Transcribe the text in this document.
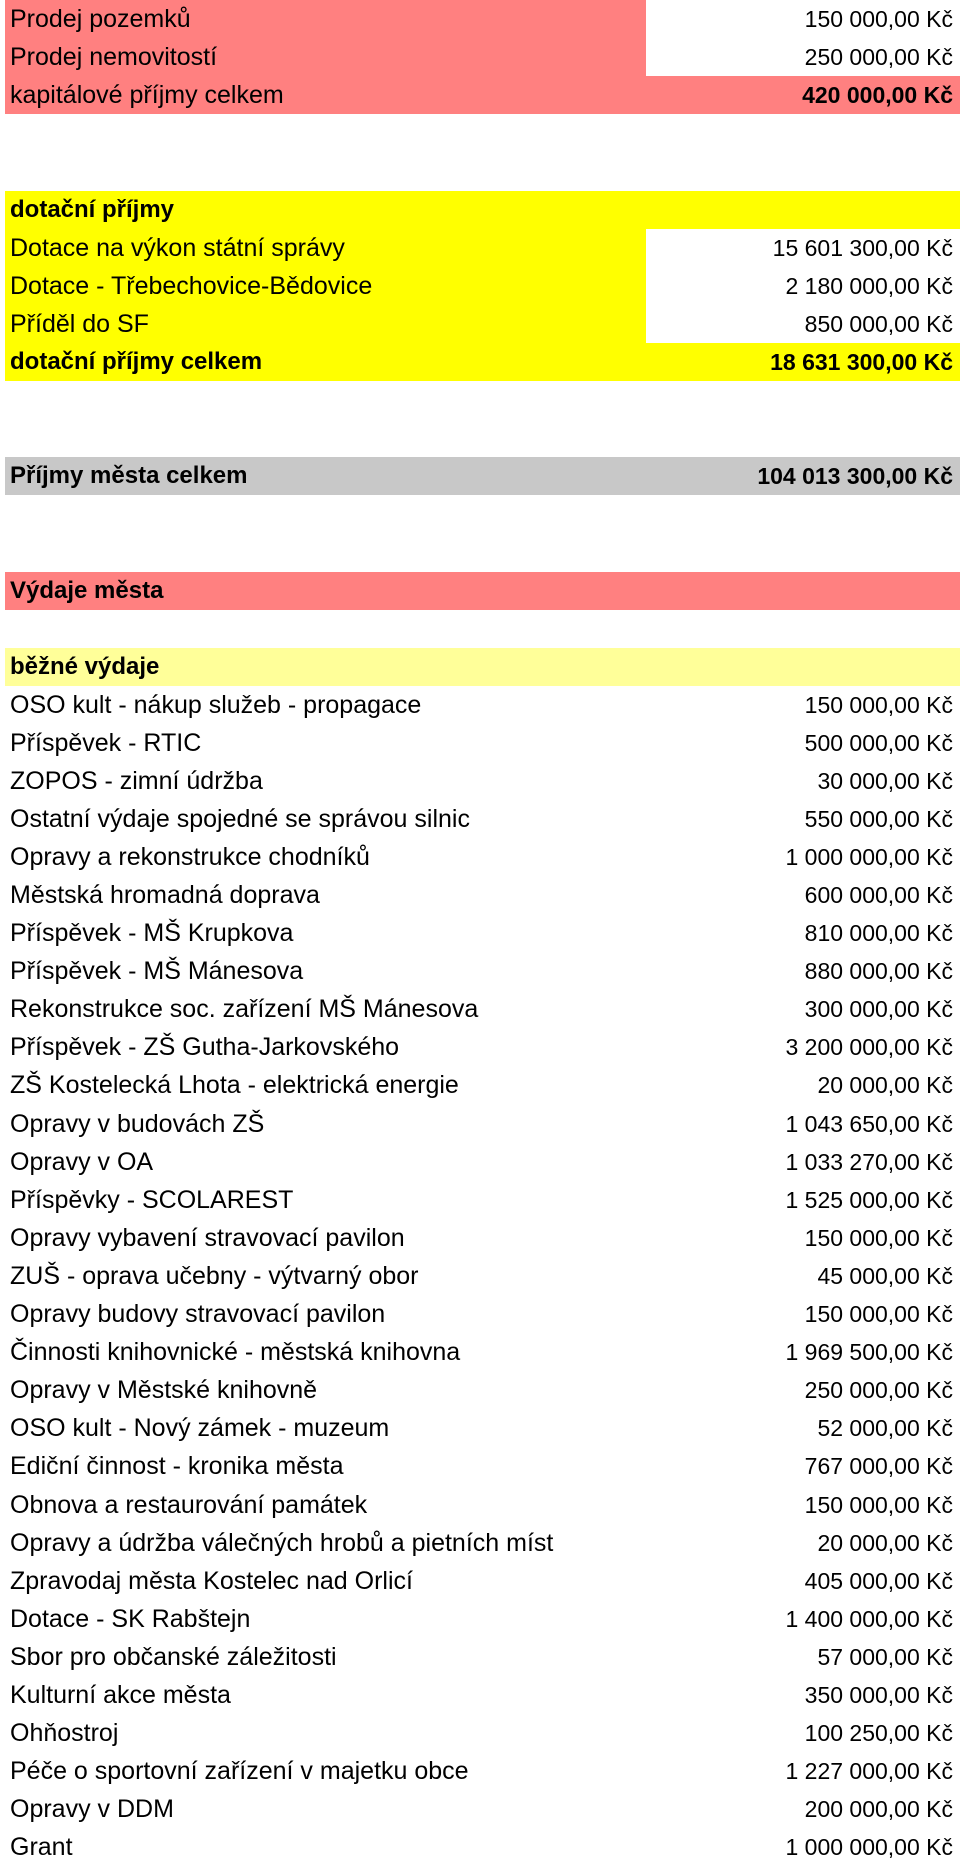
Prodej pozemků	150 000,00 Kč
Prodej nemovitostí	250 000,00 Kč
kapitálové příjmy celkem	420 000,00 Kč
dotační příjmy
Dotace na výkon státní správy	15 601 300,00 Kč
Dotace - Třebechovice-Bědovice	2 180 000,00 Kč
Příděl do SF	850 000,00 Kč
dotační příjmy celkem	18 631 300,00 Kč
Příjmy města celkem	104 013 300,00 Kč
Výdaje města
běžné výdaje
OSO kult - nákup služeb - propagace	150 000,00 Kč
Příspěvek - RTIC	500 000,00 Kč
ZOPOS - zimní údržba	30 000,00 Kč
Ostatní výdaje spojedné se správou silnic	550 000,00 Kč
Opravy a rekonstrukce chodníků	1 000 000,00 Kč
Městská hromadná doprava	600 000,00 Kč
Příspěvek - MŠ Krupkova	810 000,00 Kč
Příspěvek - MŠ Mánesova	880 000,00 Kč
Rekonstrukce soc. zařízení MŠ Mánesova	300 000,00 Kč
Příspěvek - ZŠ Gutha-Jarkovského	3 200 000,00 Kč
ZŠ Kostelecká Lhota - elektrická energie	20 000,00 Kč
Opravy v budovách ZŠ	1 043 650,00 Kč
Opravy v OA	1 033 270,00 Kč
Příspěvky - SCOLAREST	1 525 000,00 Kč
Opravy vybavení stravovací pavilon	150 000,00 Kč
ZUŠ - oprava učebny - výtvarný obor	45 000,00 Kč
Opravy budovy stravovací pavilon	150 000,00 Kč
Činnosti knihovnické - městská knihovna	1 969 500,00 Kč
Opravy v Městské knihovně	250 000,00 Kč
OSO kult - Nový zámek - muzeum	52 000,00 Kč
Ediční činnost - kronika města	767 000,00 Kč
Obnova a restaurování památek	150 000,00 Kč
Opravy a údržba válečných hrobů a pietních míst	20 000,00 Kč
Zpravodaj města Kostelec nad Orlicí	405 000,00 Kč
Dotace - SK Rabštejn	1 400 000,00 Kč
Sbor pro občanské záležitosti	57 000,00 Kč
Kulturní akce města	350 000,00 Kč
Ohňostroj	100 250,00 Kč
Péče o sportovní zařízení v majetku obce	1 227 000,00 Kč
Opravy v DDM	200 000,00 Kč
Grant	1 000 000,00 Kč
